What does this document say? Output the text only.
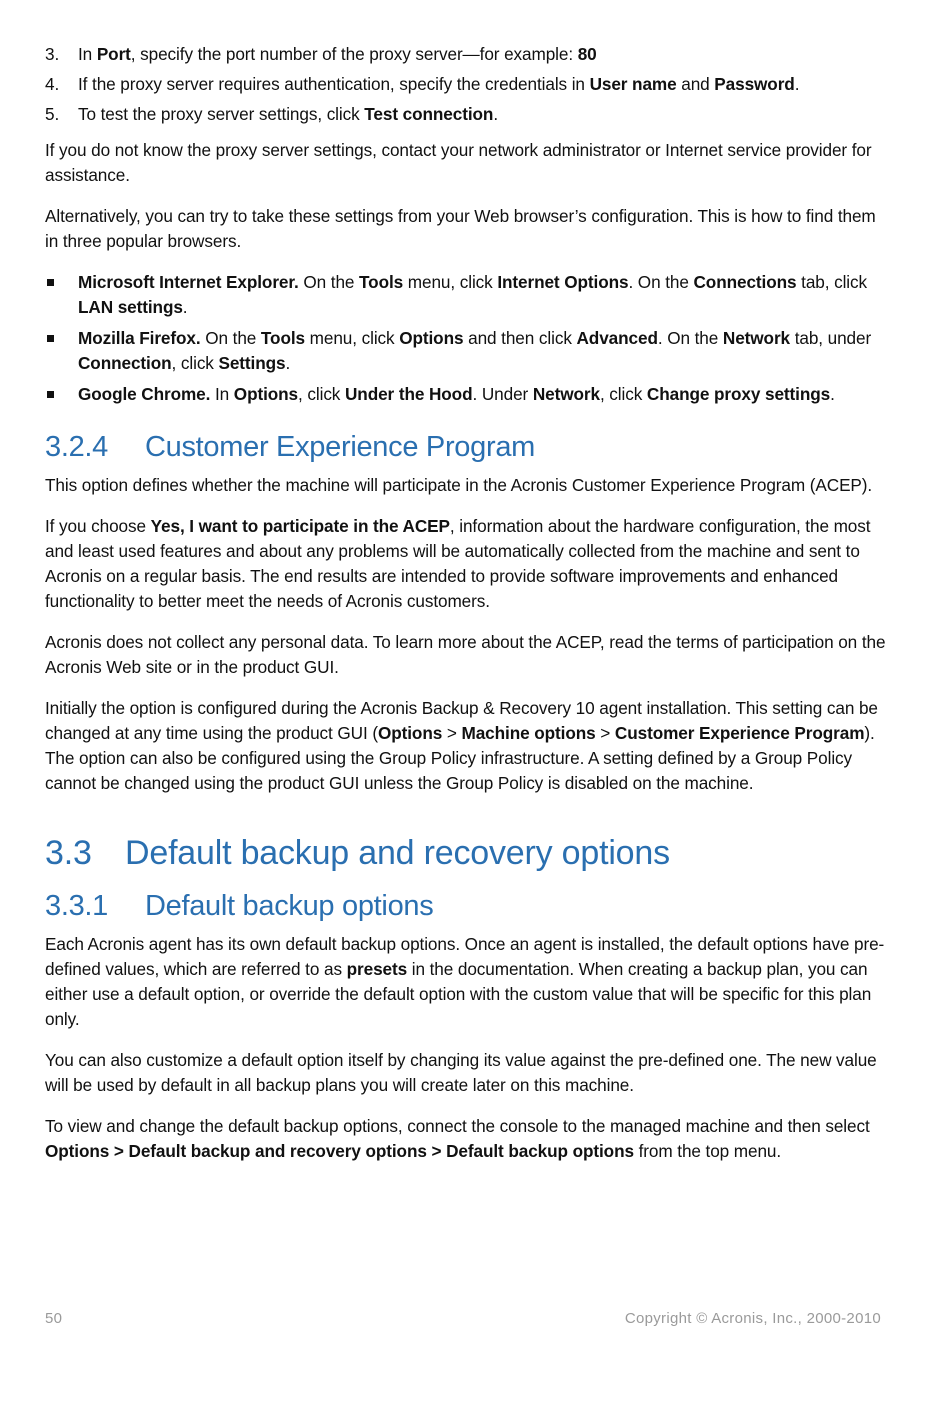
3. In Port, specify the port number of the proxy server—for example: 80
4. If the proxy server requires authentication, specify the credentials in User name and Password.
5. To test the proxy server settings, click Test connection.

If you do not know the proxy server settings, contact your network administrator or Internet service provider for assistance.

Alternatively, you can try to take these settings from your Web browser’s configuration. This is how to find them in three popular browsers.

Microsoft Internet Explorer. On the Tools menu, click Internet Options. On the Connections tab, click LAN settings.
Mozilla Firefox. On the Tools menu, click Options and then click Advanced. On the Network tab, under Connection, click Settings.
Google Chrome. In Options, click Under the Hood. Under Network, click Change proxy settings.
3.2.4 Customer Experience Program

This option defines whether the machine will participate in the Acronis Customer Experience Program (ACEP).

If you choose Yes, I want to participate in the ACEP, information about the hardware configuration, the most and least used features and about any problems will be automatically collected from the machine and sent to Acronis on a regular basis. The end results are intended to provide software improvements and enhanced functionality to better meet the needs of Acronis customers.

Acronis does not collect any personal data. To learn more about the ACEP, read the terms of participation on the Acronis Web site or in the product GUI.

Initially the option is configured during the Acronis Backup & Recovery 10 agent installation. This setting can be changed at any time using the product GUI (Options > Machine options > Customer Experience Program). The option can also be configured using the Group Policy infrastructure. A setting defined by a Group Policy cannot be changed using the product GUI unless the Group Policy is disabled on the machine.

3.3 Default backup and recovery options
3.3.1 Default backup options

Each Acronis agent has its own default backup options. Once an agent is installed, the default options have pre-defined values, which are referred to as presets in the documentation. When creating a backup plan, you can either use a default option, or override the default option with the custom value that will be specific for this plan only.

You can also customize a default option itself by changing its value against the pre-defined one. The new value will be used by default in all backup plans you will create later on this machine.

To view and change the default backup options, connect the console to the managed machine and then select Options > Default backup and recovery options > Default backup options from the top menu.

50	Copyright © Acronis, Inc., 2000-2010
